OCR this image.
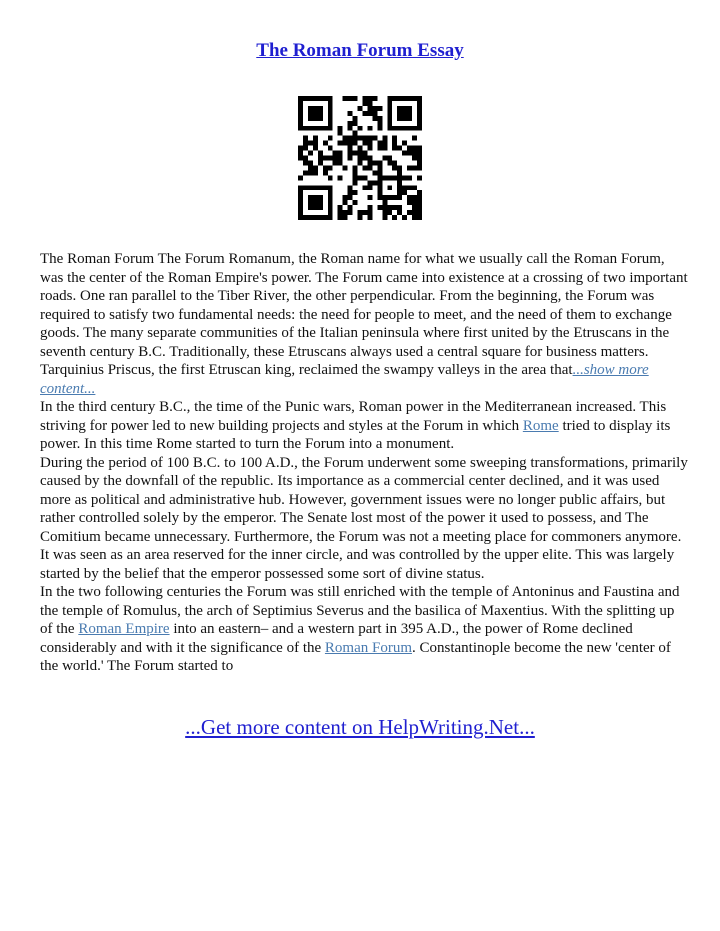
The Roman Forum Essay

The Roman Forum The Forum Romanum, the Roman name for what we usually call the Roman Forum, was the center of the Roman Empire's power. The Forum came into existence at a crossing of two important roads. One ran parallel to the Tiber River, the other perpendicular. From the beginning, the Forum was required to satisfy two fundamental needs: the need for people to meet, and the need of them to exchange goods. The many separate communities of the Italian peninsula where first united by the Etruscans in the seventh century B.C. Traditionally, these Etruscans always used a central square for business matters. Tarquinius Priscus, the first Etruscan king, reclaimed the swampy valleys in the area that...show more content...

In the third century B.C., the time of the Punic wars, Roman power in the Mediterranean increased. This striving for power led to new building projects and styles at the Forum in which Rome tried to display its power. In this time Rome started to turn the Forum into a monument.

During the period of 100 B.C. to 100 A.D., the Forum underwent some sweeping transformations, primarily caused by the downfall of the republic. Its importance as a commercial center declined, and it was used more as political and administrative hub. However, government issues were no longer public affairs, but rather controlled solely by the emperor. The Senate lost most of the power it used to possess, and The Comitium became unnecessary. Furthermore, the Forum was not a meeting place for commoners anymore. It was seen as an area reserved for the inner circle, and was controlled by the upper elite. This was largely started by the belief that the emperor possessed some sort of divine status.

In the two following centuries the Forum was still enriched with the temple of Antoninus and Faustina and the temple of Romulus, the arch of Septimius Severus and the basilica of Maxentius. With the splitting up of the Roman Empire into an eastern– and a western part in 395 A.D., the power of Rome declined considerably and with it the significance of the Roman Forum. Constantinople become the new 'center of the world.' The Forum started to

...Get more content on HelpWriting.Net...
